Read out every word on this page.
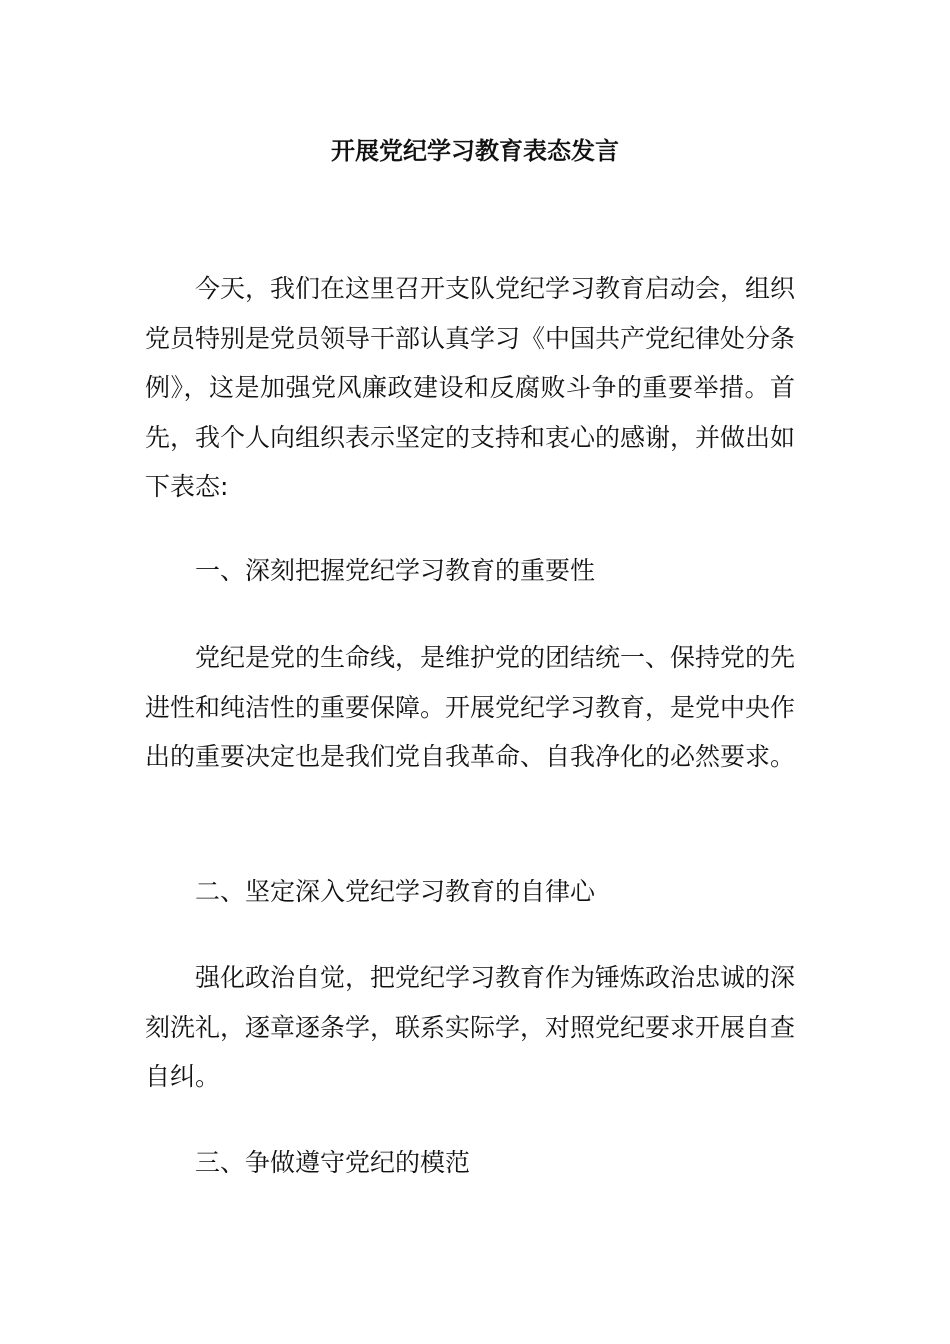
开展党纪学习教育表态发言
今天，我们在这里召开支队党纪学习教育启动会，组织党员特别是党员领导干部认真学习《中国共产党纪律处分条例》，这是加强党风廉政建设和反腐败斗争的重要举措。首先，我个人向组织表示坚定的支持和衷心的感谢，并做出如下表态:
一、深刻把握党纪学习教育的重要性
党纪是党的生命线，是维护党的团结统一、保持党的先进性和纯洁性的重要保障。开展党纪学习教育，是党中央作出的重要决定也是我们党自我革命、自我净化的必然要求。
二、坚定深入党纪学习教育的自律心
强化政治自觉，把党纪学习教育作为锤炼政治忠诚的深刻洗礼，逐章逐条学，联系实际学，对照党纪要求开展自查自纠。
三、争做遵守党纪的模范
